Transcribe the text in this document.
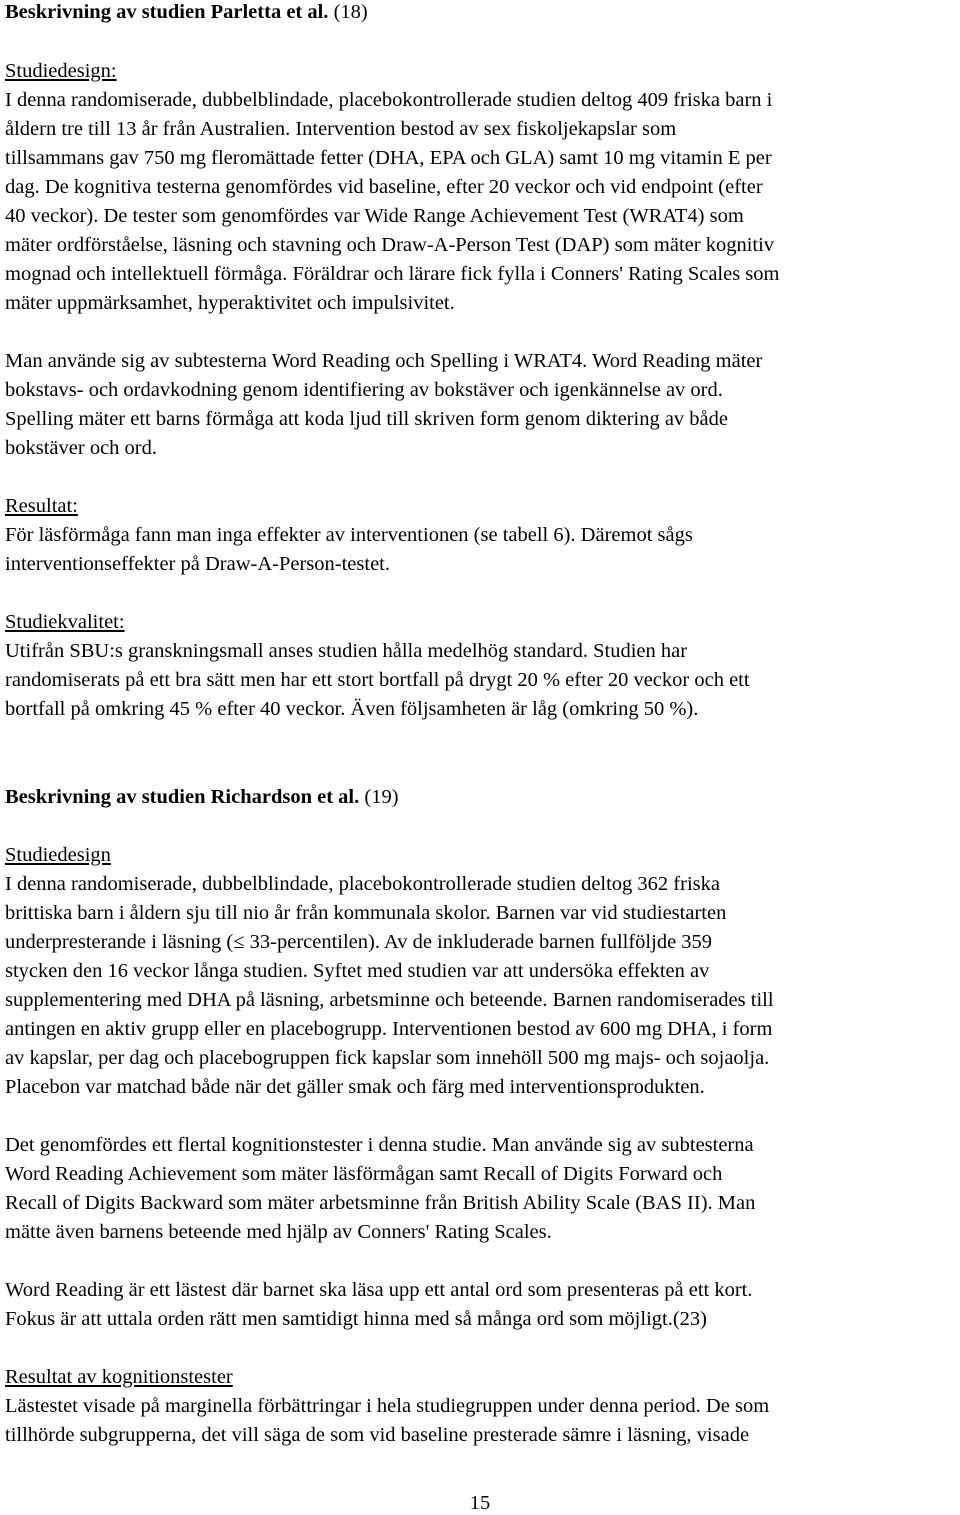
Beskrivning av studien Parletta et al. (18)
Studiedesign:
I denna randomiserade, dubbelblindade, placebokontrollerade studien deltog 409 friska barn i
åldern tre till 13 år från Australien. Intervention bestod av sex fiskoljekapslar som
tillsammans gav 750 mg fleromättade fetter (DHA, EPA och GLA) samt 10 mg vitamin E per
dag. De kognitiva testerna genomfördes vid baseline, efter 20 veckor och vid endpoint (efter
40 veckor). De tester som genomfördes var Wide Range Achievement Test (WRAT4) som
mäter ordförståelse, läsning och stavning och Draw-A-Person Test (DAP) som mäter kognitiv
mognad och intellektuell förmåga. Föräldrar och lärare fick fylla i Conners' Rating Scales som
mäter uppmärksamhet, hyperaktivitet och impulsivitet.
Man använde sig av subtesterna Word Reading och Spelling i WRAT4. Word Reading mäter
bokstavs- och ordavkodning genom identifiering av bokstäver och igenkännelse av ord.
Spelling mäter ett barns förmåga att koda ljud till skriven form genom diktering av både
bokstäver och ord.
Resultat:
För läsförmåga fann man inga effekter av interventionen (se tabell 6). Däremot sågs
interventionseffekter på Draw-A-Person-testet.
Studiekvalitet:
Utifrån SBU:s granskningsmall anses studien hålla medelhög standard. Studien har
randomiserats på ett bra sätt men har ett stort bortfall på drygt 20 % efter 20 veckor och ett
bortfall på omkring 45 % efter 40 veckor. Även följsamheten är låg (omkring 50 %).
Beskrivning av studien Richardson et al. (19)
Studiedesign
I denna randomiserade, dubbelblindade, placebokontrollerade studien deltog 362 friska
brittiska barn i åldern sju till nio år från kommunala skolor. Barnen var vid studiestarten
underpresterande i läsning (≤ 33-percentilen). Av de inkluderade barnen fullföljde 359
stycken den 16 veckor långa studien. Syftet med studien var att undersöka effekten av
supplementering med DHA på läsning, arbetsminne och beteende. Barnen randomiserades till
antingen en aktiv grupp eller en placebogrupp. Interventionen bestod av 600 mg DHA, i form
av kapslar, per dag och placebogruppen fick kapslar som innehöll 500 mg majs- och sojaolja.
Placebon var matchad både när det gäller smak och färg med interventionsprodukten.
Det genomfördes ett flertal kognitionstester i denna studie. Man använde sig av subtesterna
Word Reading Achievement som mäter läsförmågan samt Recall of Digits Forward och
Recall of Digits Backward som mäter arbetsminne från British Ability Scale (BAS II). Man
mätte även barnens beteende med hjälp av Conners' Rating Scales.
Word Reading är ett lästest där barnet ska läsa upp ett antal ord som presenteras på ett kort.
Fokus är att uttala orden rätt men samtidigt hinna med så många ord som möjligt.(23)
Resultat av kognitionstester
Lästestet visade på marginella förbättringar i hela studiegruppen under denna period. De som
tillhörde subgrupperna, det vill säga de som vid baseline presterade sämre i läsning, visade
15
